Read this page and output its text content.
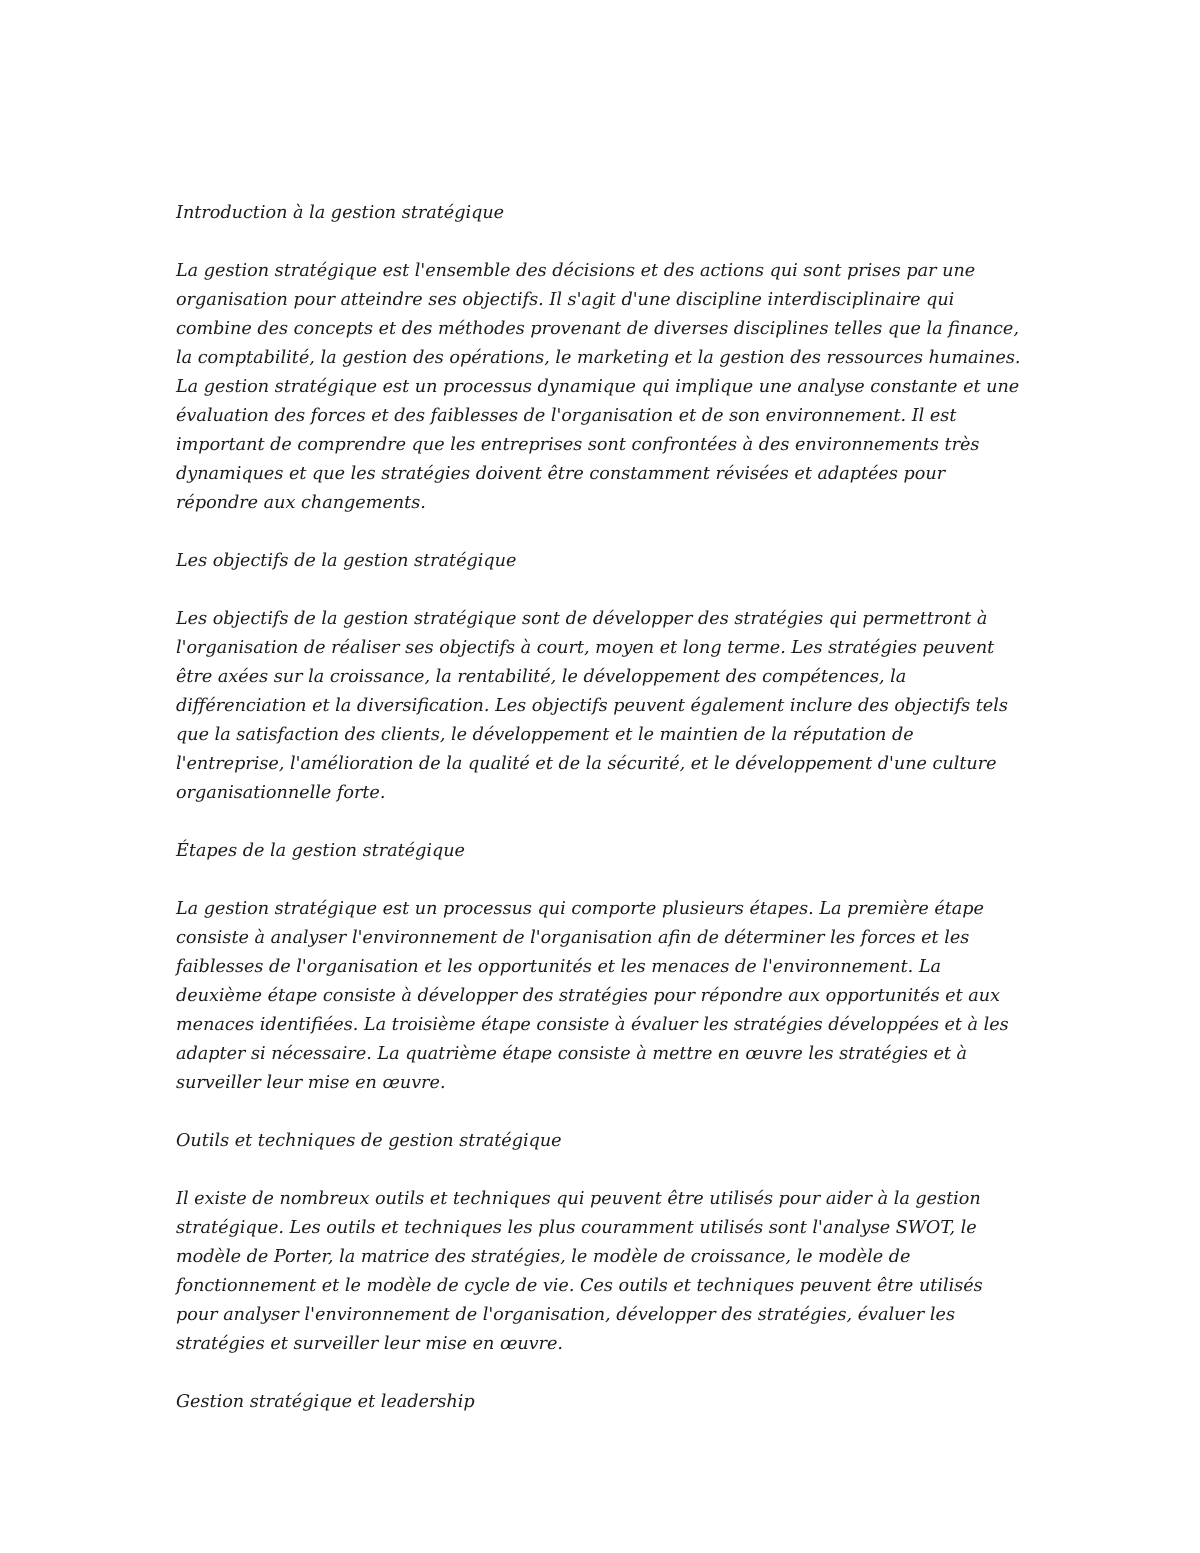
Introduction à la gestion stratégique

La gestion stratégique est l'ensemble des décisions et des actions qui sont prises par une organisation pour atteindre ses objectifs. Il s'agit d'une discipline interdisciplinaire qui combine des concepts et des méthodes provenant de diverses disciplines telles que la finance, la comptabilité, la gestion des opérations, le marketing et la gestion des ressources humaines. La gestion stratégique est un processus dynamique qui implique une analyse constante et une évaluation des forces et des faiblesses de l'organisation et de son environnement. Il est important de comprendre que les entreprises sont confrontées à des environnements très dynamiques et que les stratégies doivent être constamment révisées et adaptées pour répondre aux changements.

Les objectifs de la gestion stratégique

Les objectifs de la gestion stratégique sont de développer des stratégies qui permettront à l'organisation de réaliser ses objectifs à court, moyen et long terme. Les stratégies peuvent être axées sur la croissance, la rentabilité, le développement des compétences, la différenciation et la diversification. Les objectifs peuvent également inclure des objectifs tels que la satisfaction des clients, le développement et le maintien de la réputation de l'entreprise, l'amélioration de la qualité et de la sécurité, et le développement d'une culture organisationnelle forte.

Étapes de la gestion stratégique

La gestion stratégique est un processus qui comporte plusieurs étapes. La première étape consiste à analyser l'environnement de l'organisation afin de déterminer les forces et les faiblesses de l'organisation et les opportunités et les menaces de l'environnement. La deuxième étape consiste à développer des stratégies pour répondre aux opportunités et aux menaces identifiées. La troisième étape consiste à évaluer les stratégies développées et à les adapter si nécessaire. La quatrième étape consiste à mettre en œuvre les stratégies et à surveiller leur mise en œuvre.

Outils et techniques de gestion stratégique

Il existe de nombreux outils et techniques qui peuvent être utilisés pour aider à la gestion stratégique. Les outils et techniques les plus couramment utilisés sont l'analyse SWOT, le modèle de Porter, la matrice des stratégies, le modèle de croissance, le modèle de fonctionnement et le modèle de cycle de vie. Ces outils et techniques peuvent être utilisés pour analyser l'environnement de l'organisation, développer des stratégies, évaluer les stratégies et surveiller leur mise en œuvre.

Gestion stratégique et leadership
